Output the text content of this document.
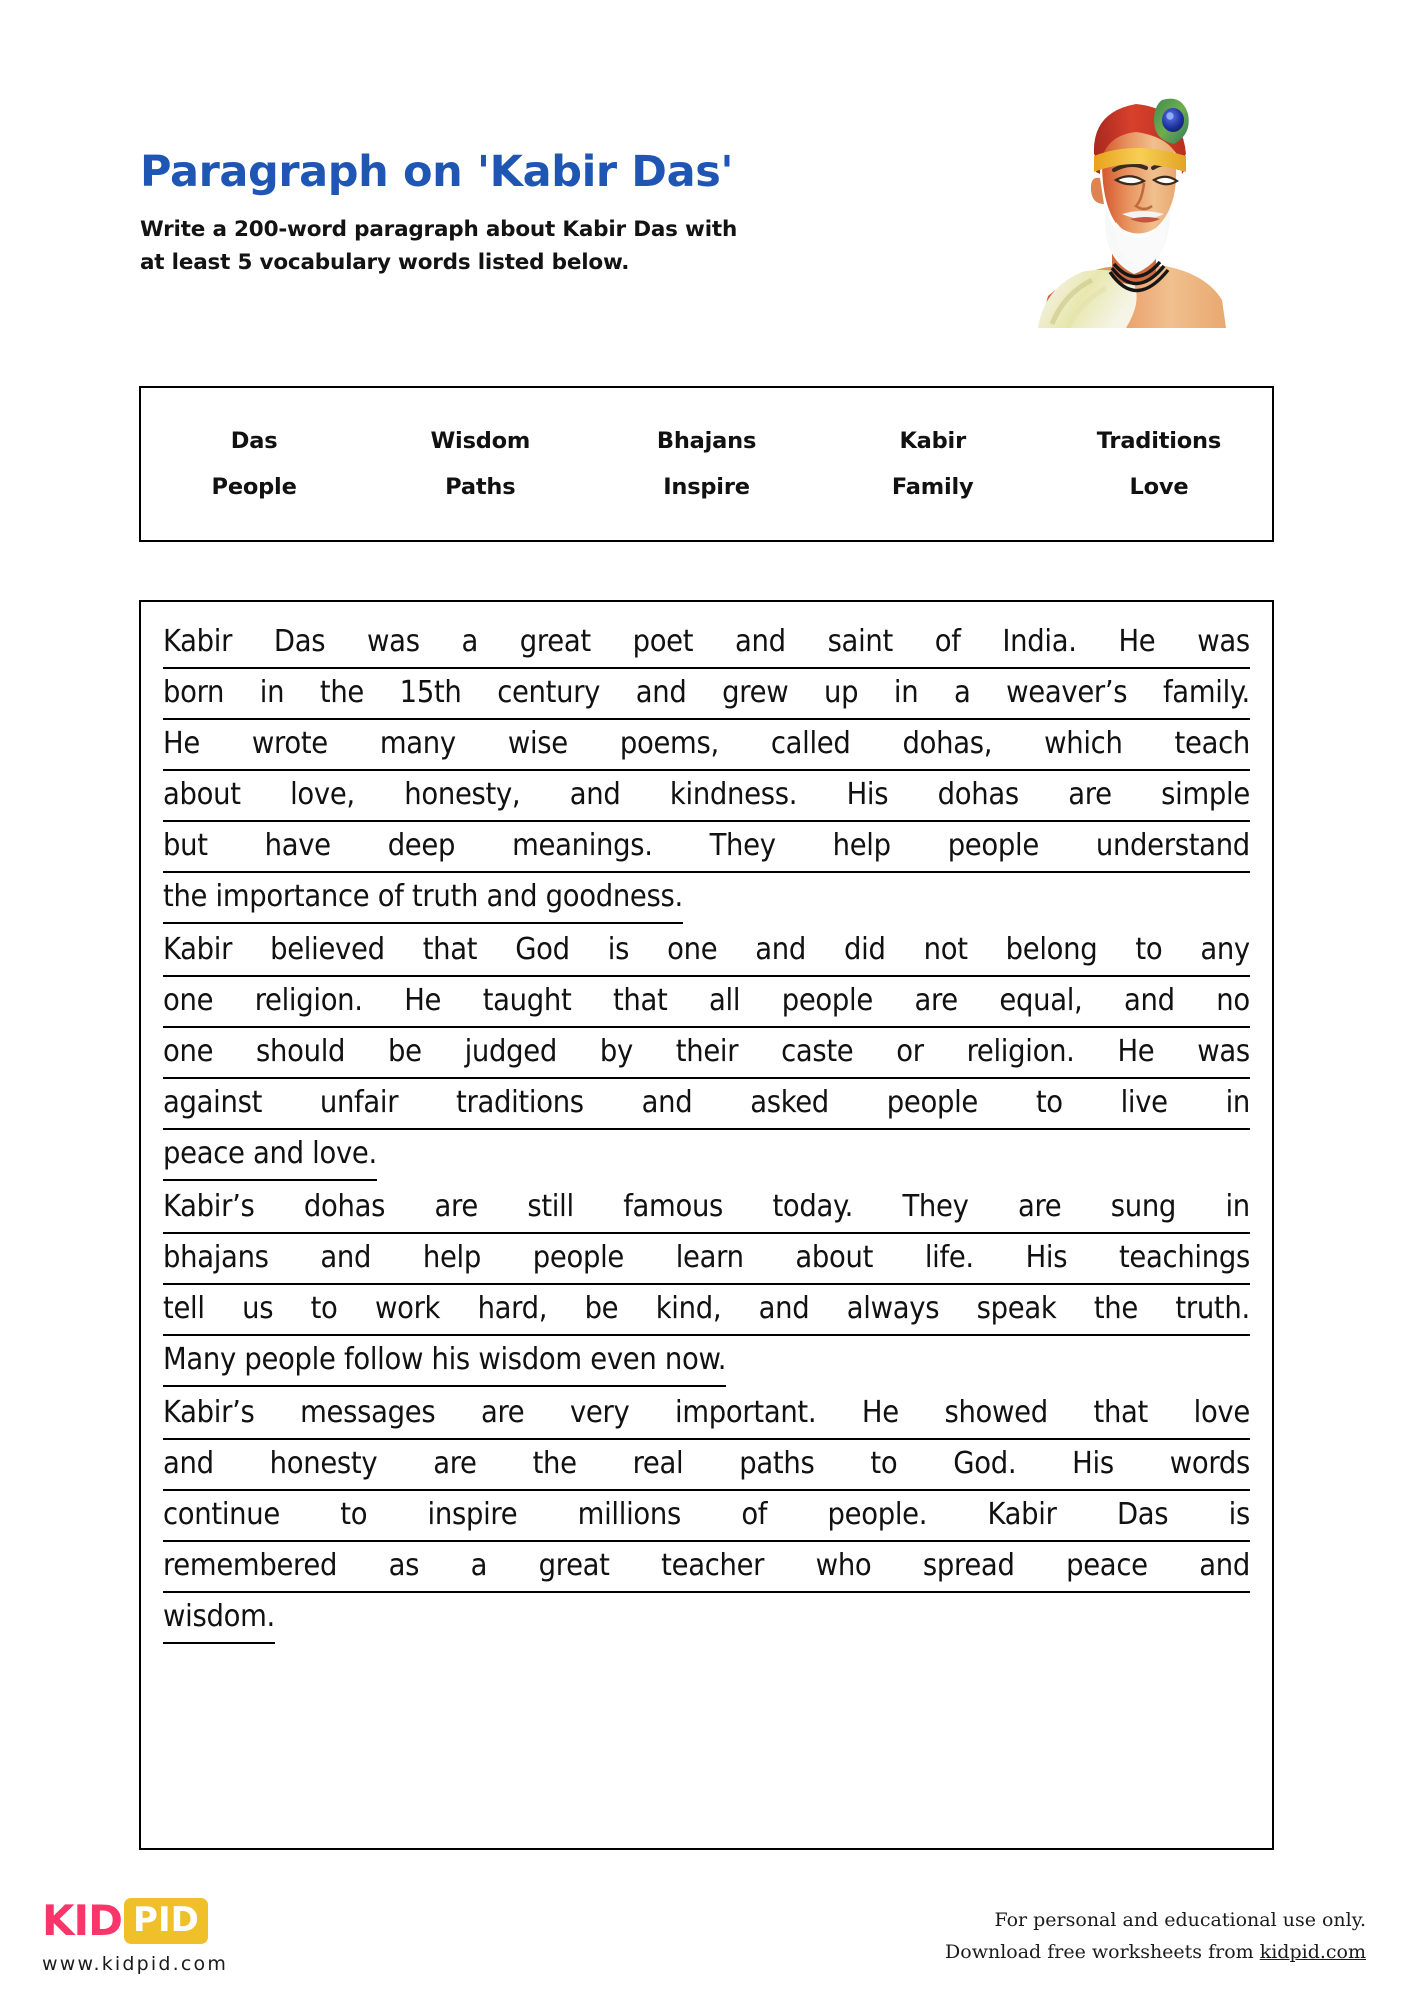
Paragraph on 'Kabir Das'
Write a 200-word paragraph about Kabir Das with at least 5 vocabulary words listed below.
Das	Wisdom	Bhajans	Kabir	Traditions
People	Paths	Inspire	Family	Love
Kabir Das was a great poet and saint of India. He was
born in the 15th century and grew up in a weaver’s family.
He wrote many wise poems, called dohas, which teach
about love, honesty, and kindness. His dohas are simple
but have deep meanings. They help people understand
the importance of truth and goodness.
Kabir believed that God is one and did not belong to any
one religion. He taught that all people are equal, and no
one should be judged by their caste or religion. He was
against unfair traditions and asked people to live in
peace and love.
Kabir’s dohas are still famous today. They are sung in
bhajans and help people learn about life. His teachings
tell us to work hard, be kind, and always speak the truth.
Many people follow his wisdom even now.
Kabir’s messages are very important. He showed that love
and honesty are the real paths to God. His words
continue to inspire millions of people. Kabir Das is
remembered as a great teacher who spread peace and
wisdom.
KID PID
www.kidpid.com
For personal and educational use only.
Download free worksheets from kidpid.com
